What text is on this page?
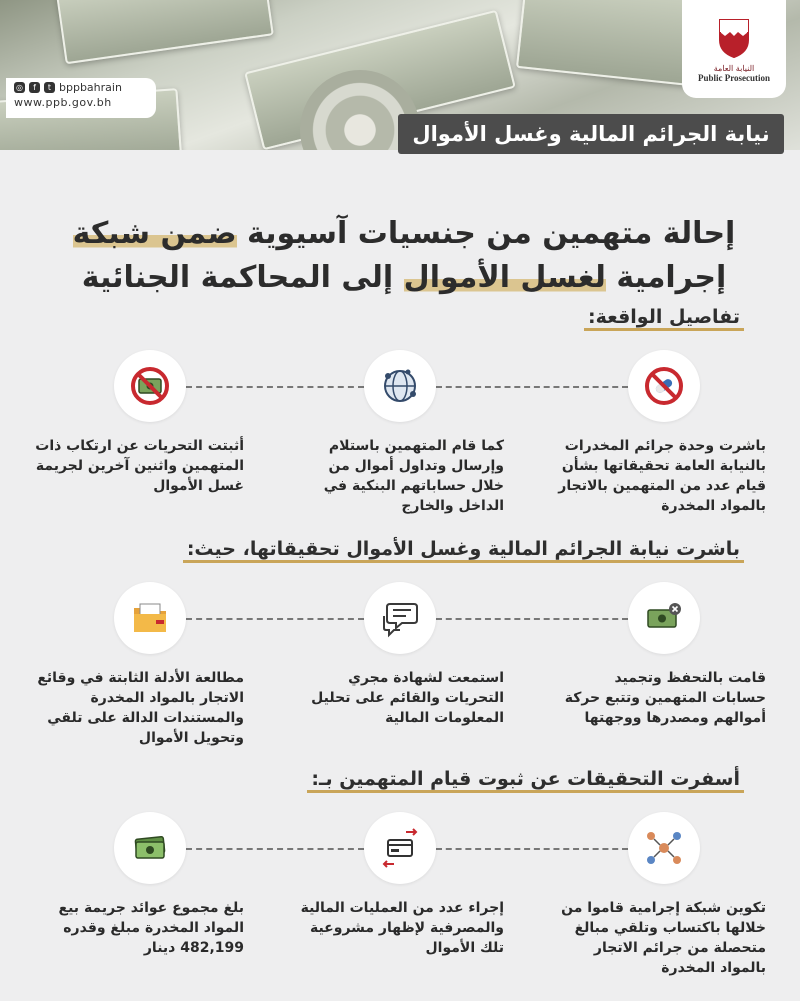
◎	f	t bppbahrain
www.ppb.gov.bh
النيابة العامة
Public Prosecution
نيابة الجرائم المالية وغسل الأموال
إحالة متهمين من جنسيات آسيوية ضمن شبكة
إجرامية لغسل الأموال إلى المحاكمة الجنائية
تفاصيل الواقعة:
باشرت وحدة جرائم المخدرات بالنيابة العامة تحقيقاتها بشأن قيام عدد من المتهمين بالاتجار بالمواد المخدرة
كما قام المتهمين باستلام وإرسال وتداول أموال من خلال حساباتهم البنكية في الداخل والخارج
أثبتت التحريات عن ارتكاب ذات المتهمين واثنين آخرين لجريمة غسل الأموال
باشرت نيابة الجرائم المالية وغسل الأموال تحقيقاتها، حيث:
قامت بالتحفظ وتجميد حسابات المتهمين وتتبع حركة أموالهم ومصدرها ووجهتها
استمعت لشهادة مجري التحريات والقائم على تحليل المعلومات المالية
مطالعة الأدلة الثابتة في وقائع الاتجار بالمواد المخدرة والمستندات الدالة على تلقي وتحويل الأموال
أسفرت التحقيقات عن ثبوت قيام المتهمين بـ:
تكوين شبكة إجرامية قاموا من خلالها باكتساب وتلقي مبالغ متحصلة من جرائم الاتجار بالمواد المخدرة
إجراء عدد من العمليات المالية والمصرفية لإظهار مشروعية تلك الأموال
بلغ مجموع عوائد جريمة بيع المواد المخدرة مبلغ وقدره 482,199 دينار
